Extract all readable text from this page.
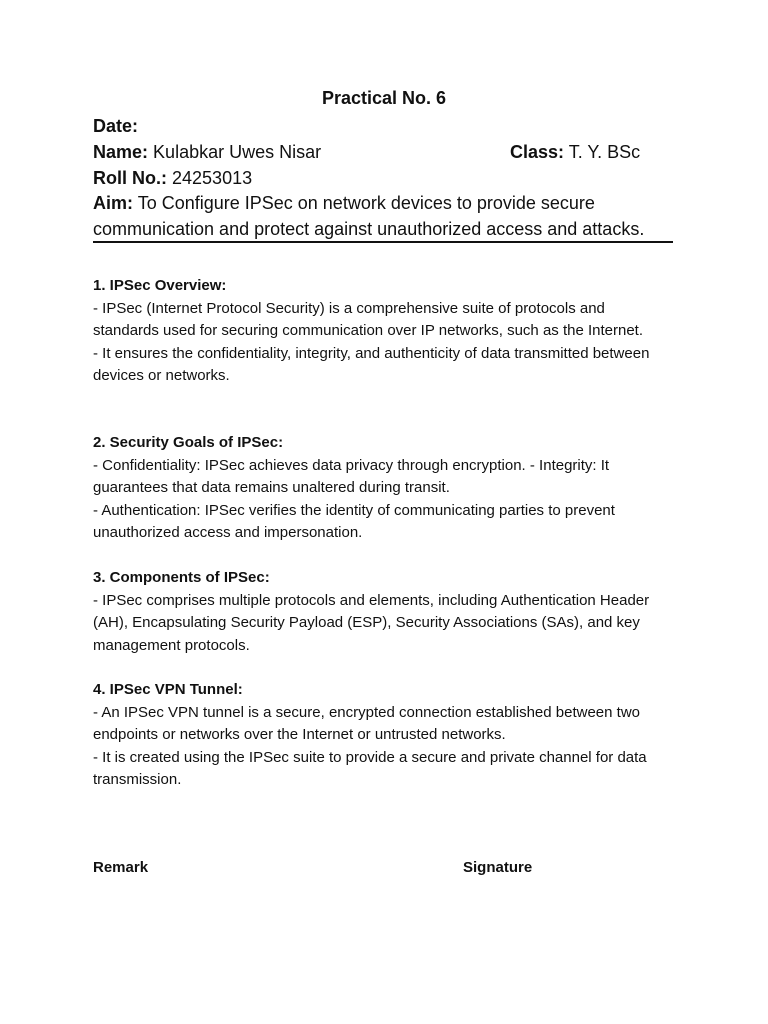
Practical No. 6
Date:
Name: Kulabkar Uwes Nisar	Class: T. Y. BSc
Roll No.: 24253013
Aim: To Configure IPSec on network devices to provide secure communication and protect against unauthorized access and attacks.
1. IPSec Overview:

- IPSec (Internet Protocol Security) is a comprehensive suite of protocols and standards used for securing communication over IP networks, such as the Internet.

- It ensures the confidentiality, integrity, and authenticity of data transmitted between devices or networks.

2. Security Goals of IPSec:

- Confidentiality: IPSec achieves data privacy through encryption. - Integrity: It guarantees that data remains unaltered during transit.

- Authentication: IPSec verifies the identity of communicating parties to prevent unauthorized access and impersonation.

3. Components of IPSec:

- IPSec comprises multiple protocols and elements, including Authentication Header (AH), Encapsulating Security Payload (ESP), Security Associations (SAs), and key management protocols.

4. IPSec VPN Tunnel:

- An IPSec VPN tunnel is a secure, encrypted connection established between two endpoints or networks over the Internet or untrusted networks.

- It is created using the IPSec suite to provide a secure and private channel for data transmission.

Remark	Signature
